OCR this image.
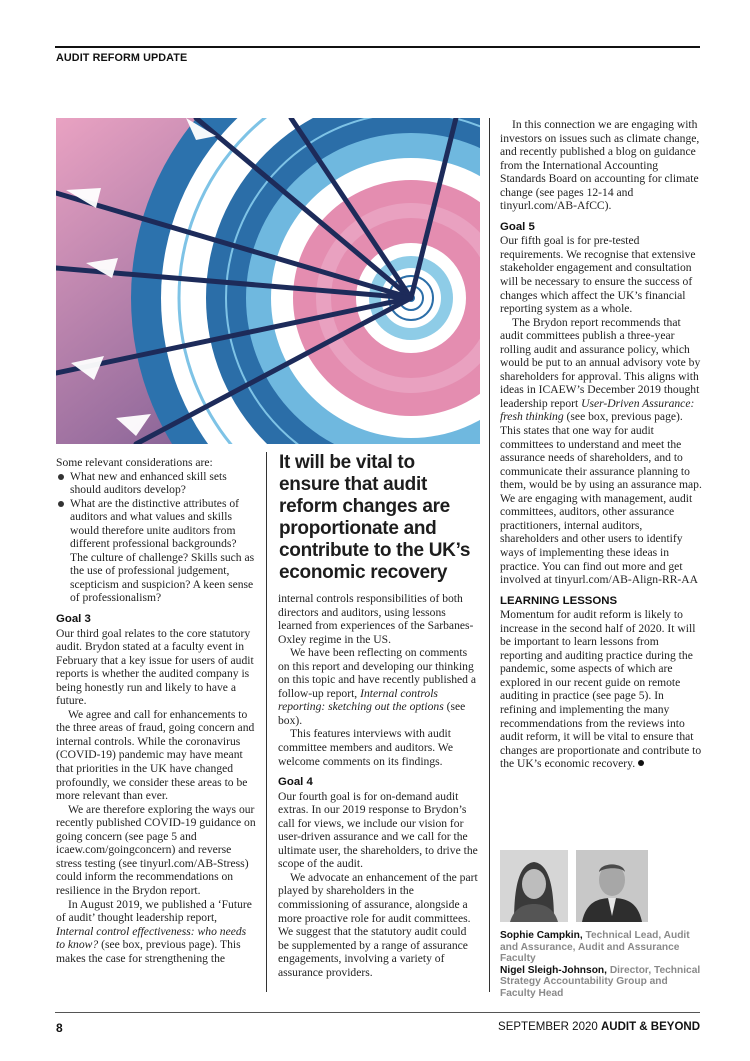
AUDIT REFORM UPDATE

Some relevant considerations are:

What new and enhanced skill sets should auditors develop?
What are the distinctive attributes of auditors and what values and skills would therefore unite auditors from different professional backgrounds? The culture of challenge? Skills such as the use of professional judgement, scepticism and suspicion? A keen sense of professionalism?

Goal 3

Our third goal relates to the core statutory audit. Brydon stated at a faculty event in February that a key issue for users of audit reports is whether the audited company is being honestly run and likely to have a future.

We agree and call for enhancements to the three areas of fraud, going concern and internal controls. While the coronavirus (COVID-19) pandemic may have meant that priorities in the UK have changed profoundly, we consider these areas to be more relevant than ever.

We are therefore exploring the ways our recently published COVID-19 guidance on going concern (see page 5 and icaew.com/goingconcern) and reverse stress testing (see tinyurl.com/AB-Stress) could inform the recommendations on resilience in the Brydon report.

In August 2019, we published a ‘Future of audit’ thought leadership report, Internal control effectiveness: who needs to know? (see box, previous page). This makes the case for strengthening the

It will be vital to ensure that audit reform changes are proportionate and contribute to the UK’s economic recovery

internal controls responsibilities of both directors and auditors, using lessons learned from experiences of the Sarbanes-Oxley regime in the US.

We have been reflecting on comments on this report and developing our thinking on this topic and have recently published a follow-up report, Internal controls reporting: sketching out the options (see box).

This features interviews with audit committee members and auditors. We welcome comments on its findings.

Goal 4

Our fourth goal is for on-demand audit extras. In our 2019 response to Brydon’s call for views, we include our vision for user-driven assurance and we call for the ultimate user, the shareholders, to drive the scope of the audit.

We advocate an enhancement of the part played by shareholders in the commissioning of assurance, alongside a more proactive role for audit committees. We suggest that the statutory audit could be supplemented by a range of assurance engagements, involving a variety of assurance providers.

In this connection we are engaging with investors on issues such as climate change, and recently published a blog on guidance from the International Accounting Standards Board on accounting for climate change (see pages 12-14 and tinyurl.com/AB-AfCC).

Goal 5

Our fifth goal is for pre-tested requirements. We recognise that extensive stakeholder engagement and consultation will be necessary to ensure the success of changes which affect the UK’s financial reporting system as a whole.

The Brydon report recommends that audit committees publish a three-year rolling audit and assurance policy, which would be put to an annual advisory vote by shareholders for approval. This aligns with ideas in ICAEW’s December 2019 thought leadership report User-Driven Assurance: fresh thinking (see box, previous page). This states that one way for audit committees to understand and meet the assurance needs of shareholders, and to communicate their assurance planning to them, would be by using an assurance map. We are engaging with management, audit committees, auditors, other assurance practitioners, internal auditors, shareholders and other users to identify ways of implementing these ideas in practice. You can find out more and get involved at tinyurl.com/AB-Align-RR-AA

LEARNING LESSONS

Momentum for audit reform is likely to increase in the second half of 2020. It will be important to learn lessons from reporting and auditing practice during the pandemic, some aspects of which are explored in our recent guide on remote auditing in practice (see page 5). In refining and implementing the many recommendations from the reviews into audit reform, it will be vital to ensure that changes are proportionate and contribute to the UK’s economic recovery.

Sophie Campkin, Technical Lead, Audit and Assurance, Audit and Assurance Faculty
Nigel Sleigh-Johnson, Director, Technical Strategy Accountability Group and Faculty Head
8	SEPTEMBER 2020 AUDIT & BEYOND
